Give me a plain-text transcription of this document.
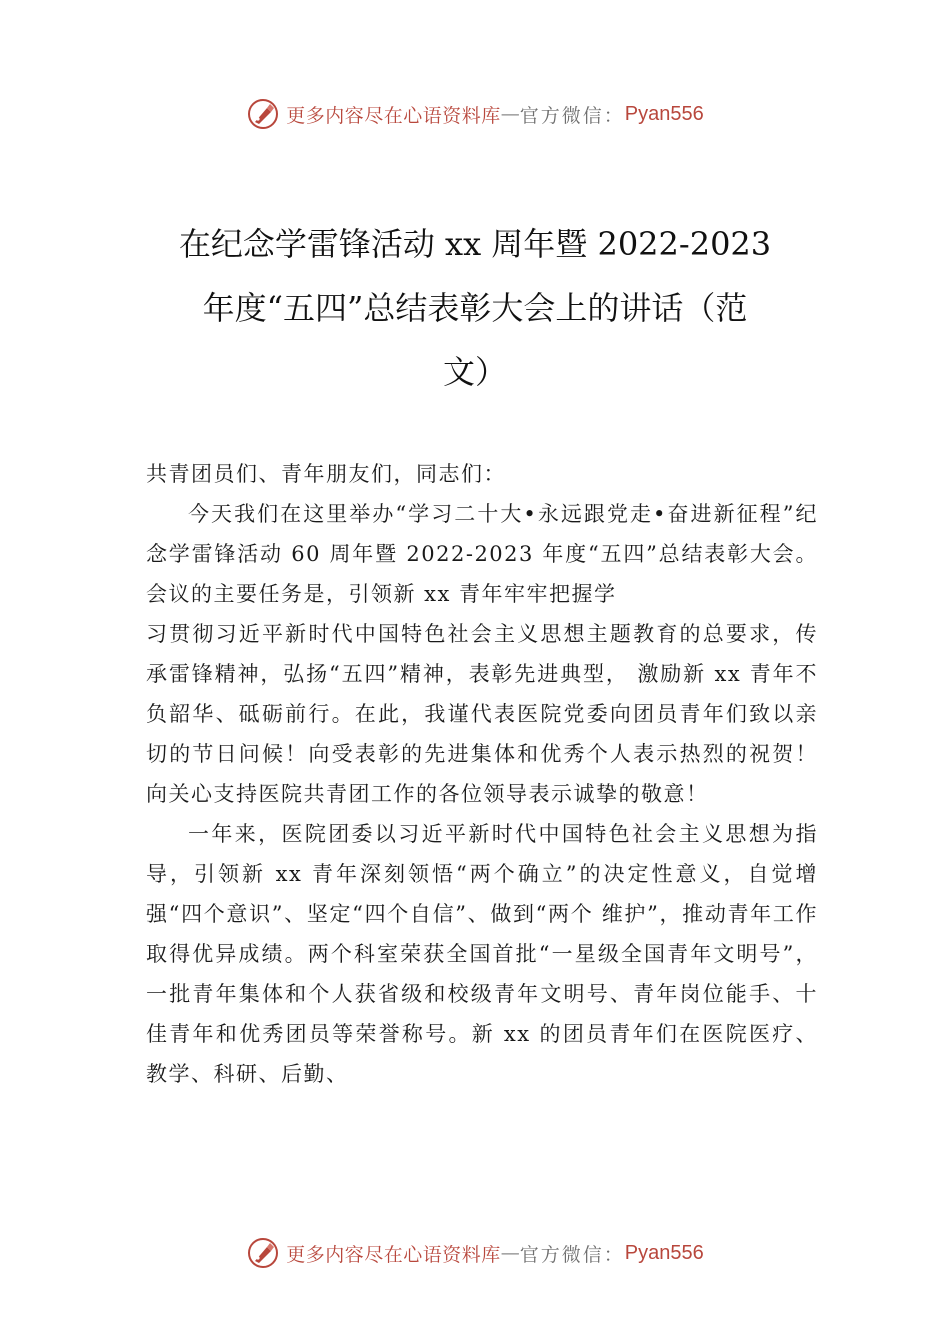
更多内容尽在心语资料库 — 官方微信： Pyan556
在纪念学雷锋活动 xx 周年暨 2022-2023
年度“五四”总结表彰大会上的讲话（范
文）

共青团员们、青年朋友们，同志们：

今天我们在这里举办“学习二十大•永远跟党走•奋进新征程”纪念学雷锋活动 60 周年暨 2022-2023 年度“五四”总结表彰大会。会议的主要任务是，引领新 xx 青年牢牢把握学

习贯彻习近平新时代中国特色社会主义思想主题教育的总要求，传承雷锋精神，弘扬“五四”精神，表彰先进典型， 激励新 xx 青年不负韶华、砥砺前行。在此，我谨代表医院党委向团员青年们致以亲切的节日问候！向受表彰的先进集体和优秀个人表示热烈的祝贺！向关心支持医院共青团工作的各位领导表示诚挚的敬意！

一年来，医院团委以习近平新时代中国特色社会主义思想为指导，引领新 xx 青年深刻领悟“两个确立”的决定性意义，自觉增强“四个意识”、坚定“四个自信”、做到“两个 维护”，推动青年工作取得优异成绩。两个科室荣获全国首批“一星级全国青年文明号”，一批青年集体和个人获省级和校级青年文明号、青年岗位能手、十佳青年和优秀团员等荣誉称号。新 xx 的团员青年们在医院医疗、教学、科研、后勤、

更多内容尽在心语资料库 — 官方微信： Pyan556
